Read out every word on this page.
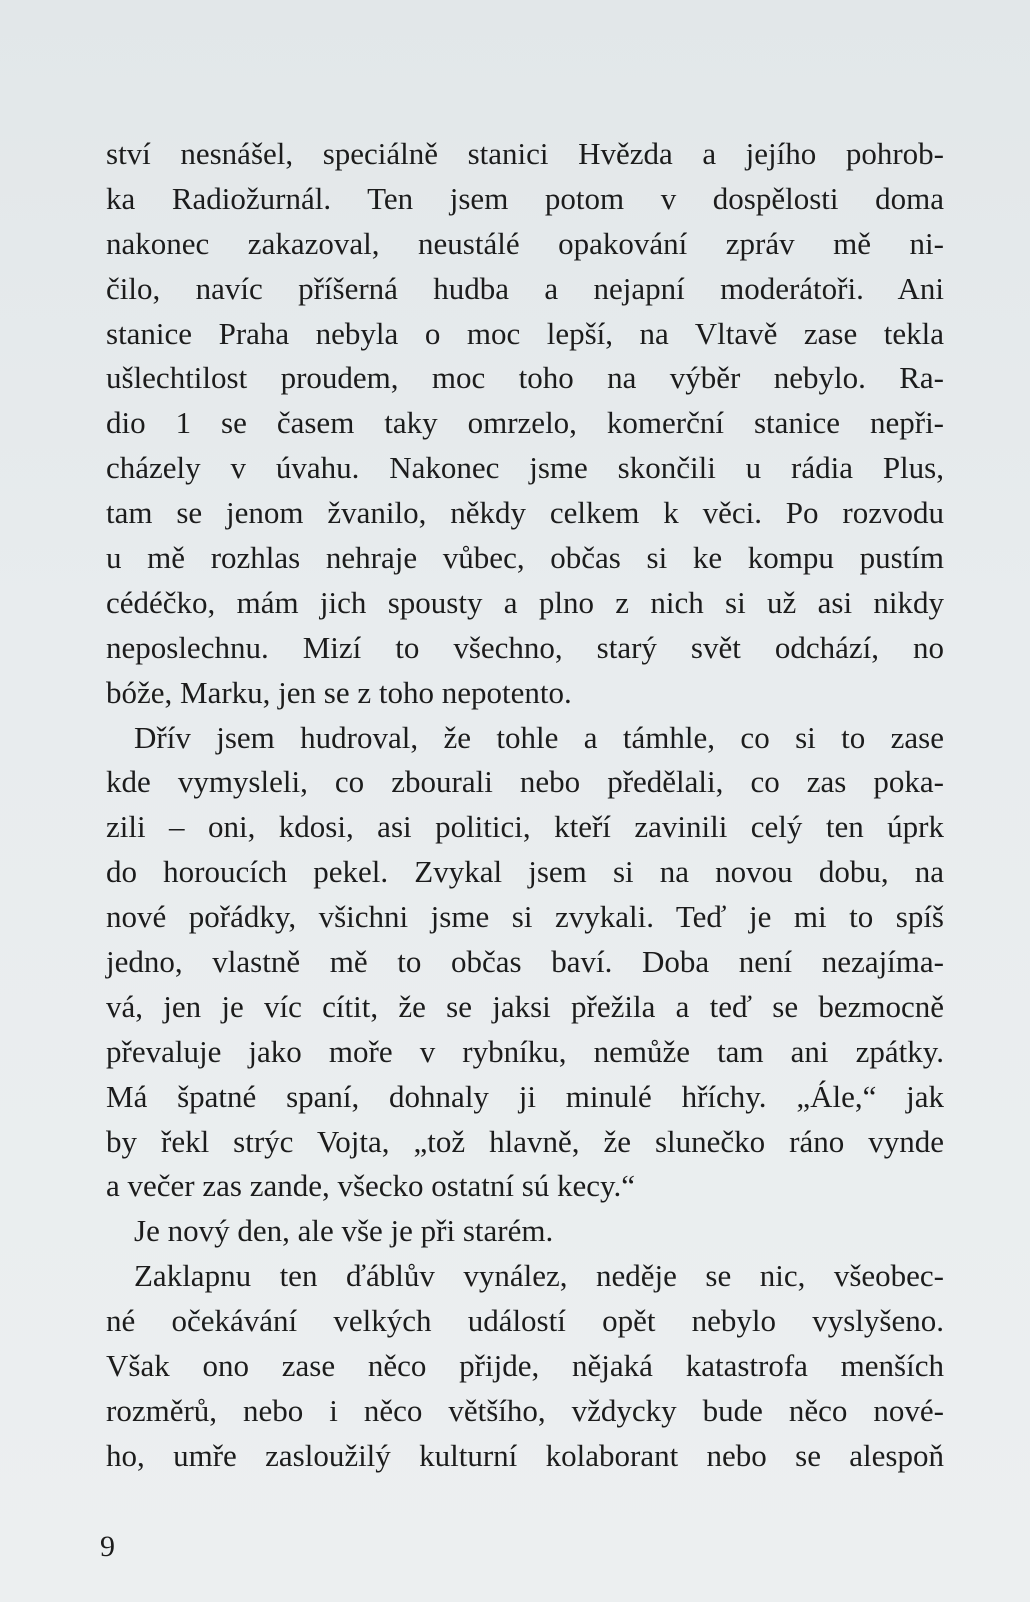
ství nesnášel, speciálně stanici Hvězda a jejího pohrob-
ka Radiožurnál. Ten jsem potom v dospělosti doma
nakonec zakazoval, neustálé opakování zpráv mě ni-
čilo, navíc příšerná hudba a nejapní moderátoři. Ani
stanice Praha nebyla o moc lepší, na Vltavě zase tekla
ušlechtilost proudem, moc toho na výběr nebylo. Ra-
dio 1 se časem taky omrzelo, komerční stanice nepři-
cházely v úvahu. Nakonec jsme skončili u rádia Plus,
tam se jenom žvanilo, někdy celkem k věci. Po rozvodu
u mě rozhlas nehraje vůbec, občas si ke kompu pustím
cédéčko, mám jich spousty a plno z nich si už asi nikdy
neposlechnu. Mizí to všechno, starý svět odchází, no
bóže, Marku, jen se z toho nepotento.
Dřív jsem hudroval, že tohle a támhle, co si to zase
kde vymysleli, co zbourali nebo předělali, co zas poka-
zili – oni, kdosi, asi politici, kteří zavinili celý ten úprk
do horoucích pekel. Zvykal jsem si na novou dobu, na
nové pořádky, všichni jsme si zvykali. Teď je mi to spíš
jedno, vlastně mě to občas baví. Doba není nezajíma-
vá, jen je víc cítit, že se jaksi přežila a teď se bezmocně
převaluje jako moře v rybníku, nemůže tam ani zpátky.
Má špatné spaní, dohnaly ji minulé hříchy. „Ále,“ jak
by řekl strýc Vojta, „tož hlavně, že slunečko ráno vynde
a večer zas zande, všecko ostatní sú kecy.“
Je nový den, ale vše je při starém.
Zaklapnu ten ďáblův vynález, neděje se nic, všeobec-
né očekávání velkých událostí opět nebylo vyslyšeno.
Však ono zase něco přijde, nějaká katastrofa menších
rozměrů, nebo i něco většího, vždycky bude něco nové-
ho, umře zasloužilý kulturní kolaborant nebo se alespoň
9
